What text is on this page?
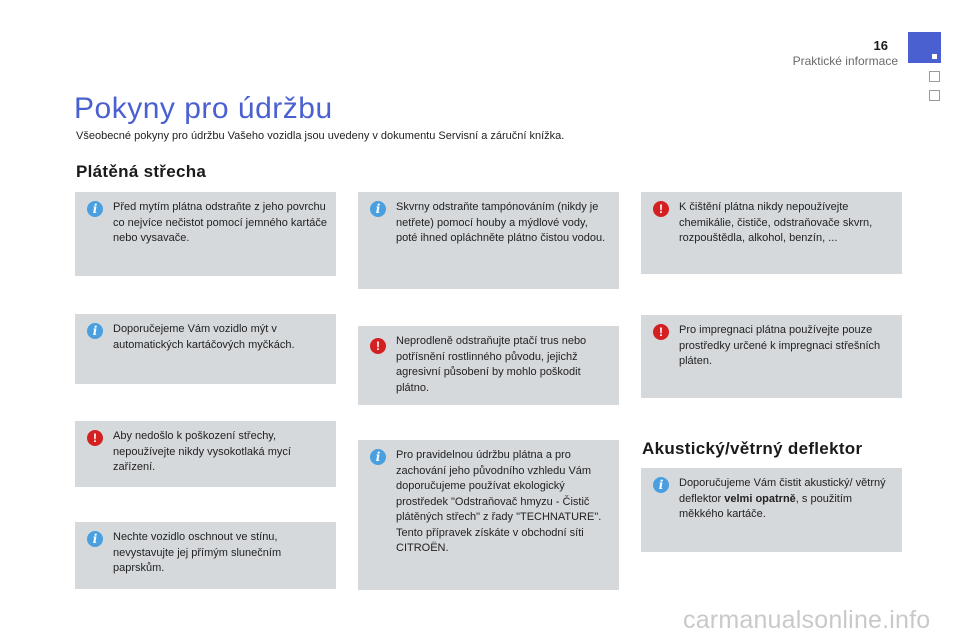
16
Praktické informace
Pokyny pro údržbu
Všeobecné pokyny pro údržbu Vašeho vozidla jsou uvedeny v dokumentu Servisní a záruční knížka.
Plátěná střecha
i	Před mytím plátna odstraňte z jeho povrchu co nejvíce nečistot pomocí jemného kartáče nebo vysavače.
i	Doporučejeme Vám vozidlo mýt v automatických kartáčových myčkách.
!	Aby nedošlo k poškození střechy, nepoužívejte nikdy vysokotlaká mycí zařízení.
i	Nechte vozidlo oschnout ve stínu, nevystavujte jej přímým slunečním paprskům.
i	Skvrny odstraňte tampónováním (nikdy je netřete) pomocí houby a mýdlové vody, poté ihned opláchněte plátno čistou vodou.
!	Neprodleně odstraňujte ptačí trus nebo potřísnění rostlinného původu, jejichž agresivní působení by mohlo poškodit plátno.
i	Pro pravidelnou údržbu plátna a pro zachování jeho původního vzhledu Vám doporučujeme používat ekologický prostředek "Odstraňovač hmyzu - Čistič plátěných střech" z řady "TECHNATURE". Tento přípravek získáte v obchodní síti CITROËN.
!	K čištění plátna nikdy nepoužívejte chemikálie, čističe, odstraňovače skvrn, rozpouštědla, alkohol, benzín, ...
!	Pro impregnaci plátna používejte pouze prostředky určené k impregnaci střešních pláten.
Akustický/větrný deflektor
i	Doporučujeme Vám čistit akustický/ větrný deflektor velmi opatrně, s použitím měkkého kartáče.
carmanualsonline.info
